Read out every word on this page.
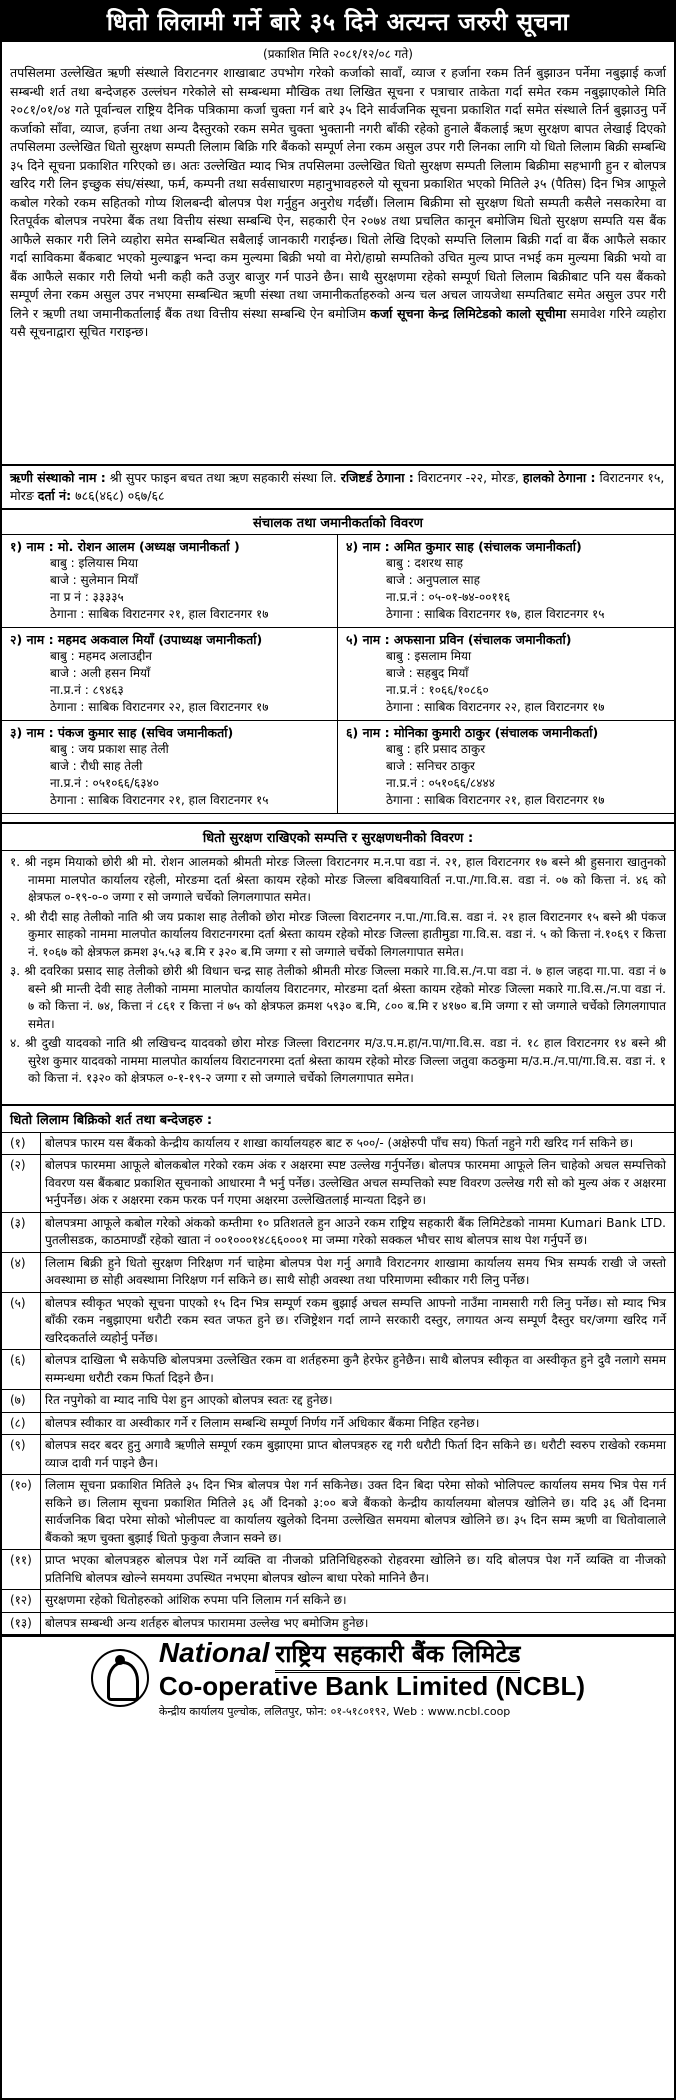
धितो लिलामी गर्ने बारे ३५ दिने अत्यन्त जरुरी सूचना
(प्रकाशित मिति २०८१/१२/०८ गते)
तपसिलमा उल्लेखित ऋणी संस्थाले विराटनगर शाखाबाट उपभोग गरेको कर्जाको सावाँ, व्याज र हर्जाना रकम तिर्न बुझाउन पर्नेमा नबुझाई कर्जा सम्बन्धी शर्त तथा बन्देजहरु उल्लंघन गरेकोले सो सम्बन्धमा मौखिक तथा लिखित सूचना र पत्राचार ताकेता गर्दा समेत रकम नबुझाएकोले मिति २०८१/०१/०४ गते पूर्वान्चल राष्ट्रिय दैनिक पत्रिकामा कर्जा चुक्ता गर्न बारे ३५ दिने सार्वजनिक सूचना प्रकाशित गर्दा समेत संस्थाले तिर्न बुझाउनु पर्ने कर्जाको साँवा, व्याज, हर्जना तथा अन्य दैस्तुरको रकम समेत चुक्ता भुक्तानी नगरी बाँकी रहेको हुनाले बैंकलाई ऋण सुरक्षण बापत लेखाई दिएको तपसिलमा उल्लेखित धितो सुरक्षण सम्पती लिलाम बिक्रि गरि बैंकको सम्पूर्ण लेना रकम असुल उपर गरी लिनका लागि यो धितो लिलाम बिक्री सम्बन्धि ३५ दिने सूचना प्रकाशित गरिएको छ। अतः उल्लेखित म्याद भित्र तपसिलमा उल्लेखित धितो सुरक्षण सम्पती लिलाम बिक्रीमा सहभागी हुन र बोलपत्र खरिद गरी लिन इच्छुक संघ/संस्था, फर्म, कम्पनी तथा सर्वसाधारण महानुभावहरुले यो सूचना प्रकाशित भएको मितिले ३५ (पैतिस) दिन भित्र आफूले कबोल गरेको रकम सहितको गोप्य शिलबन्दी बोलपत्र पेश गर्नुहुन अनुरोध गर्दछौं। लिलाम बिक्रीमा सो सुरक्षण धितो सम्पती कसैले नसकारेमा वा रितपूर्वक बोलपत्र नपरेमा बैंक तथा वित्तीय संस्था सम्बन्धि ऐन, सहकारी ऐन २०७४ तथा प्रचलित कानून बमोजिम धितो सुरक्षण सम्पति यस बैंक आफैले सकार गरी लिने व्यहोरा समेत सम्बन्धित सबैलाई जानकारी गराईन्छ। धितो लेखि दिएको सम्पत्ति लिलाम बिक्री गर्दा वा बैंक आफैले सकार गर्दा साविकमा बैंकबाट भएको मुल्याङ्कन भन्दा कम मुल्यमा बिक्री भयो वा मेरो/हाम्रो सम्पतिको उचित मुल्य प्राप्त नभई कम मुल्यमा बिक्री भयो वा बैंक आफैले सकार गरी लियो भनी कही कतै उजुर बाजुर गर्न पाउने छैन। साथै सुरक्षणमा रहेको सम्पूर्ण धितो लिलाम बिक्रीबाट पनि यस बैंकको सम्पूर्ण लेना रकम असुल उपर नभएमा सम्बन्धित ऋणी संस्था तथा जमानीकर्ताहरुको अन्य चल अचल जायजेथा सम्पतिबाट समेत असुल उपर गरी लिने र ऋणी तथा जमानीकर्तालाई बैंक तथा वित्तीय संस्था सम्बन्धि ऐन बमोजिम कर्जा सूचना केन्द्र लिमिटेडको कालो सूचीमा समावेश गरिने व्यहोरा यसै सूचनाद्वारा सूचित गराइन्छ।
ऋणी संस्थाको नाम : श्री सुपर फाइन बचत तथा ऋण सहकारी संस्था लि. रजिष्टर्ड ठेगाना : विराटनगर -२२, मोरङ, हालको ठेगाना : विराटनगर १५, मोरङ दर्ता नं: ७८६(४६८) ०६७/६८
संचालक तथा जमानीकर्ताको विवरण
१) नाम : मो. रोशन आलम (अध्यक्ष जमानीकर्ता )
बाबु : इलियास मिया
बाजे : सुलेमान मियाँ
ना प्र नं : ३३३३५
ठेगाना : साबिक विराटनगर २१, हाल विराटनगर १७
४) नाम : अमित कुमार साह (संचालक जमानीकर्ता)
बाबु : दशरथ साह
बाजे : अनुपलाल साह
ना.प्र.नं : ०५-०१-७४-००११६
ठेगाना : साबिक विराटनगर १७, हाल विराटनगर १५
२) नाम : महमद अकवाल मियाँ (उपाध्यक्ष जमानीकर्ता)
बाबु : महमद अलाउद्दीन
बाजे : अली हसन मियाँ
ना.प्र.नं : ८९४६३
ठेगाना : साबिक विराटनगर २२, हाल विराटनगर १७
५) नाम : अफसाना प्रविन (संचालक जमानीकर्ता)
बाबु : इसलाम मिया
बाजे : सहबुद मियाँ
ना.प्र.नं : १०६६/१०८६०
ठेगाना : साबिक विराटनगर २२, हाल विराटनगर १७
३) नाम : पंकज कुमार साह (सचिव जमानीकर्ता)
बाबु : जय प्रकाश साह तेली
बाजे : रौधी साह तेली
ना.प्र.नं : ०५१०६६/६३४०
ठेगाना : साबिक विराटनगर २१, हाल विराटनगर १५
६) नाम : मोनिका कुमारी ठाकुर (संचालक जमानीकर्ता)
बाबु : हरि प्रसाद ठाकुर
बाजे : सनिचर ठाकुर
ना.प्र.नं : ०५१०६६/८४४४
ठेगाना : साबिक विराटनगर २१, हाल विराटनगर १७
धितो सुरक्षण राखिएको सम्पत्ति र सुरक्षणधनीको विवरण :
१. श्री नइम मियाको छोरी श्री मो. रोशन आलमको श्रीमती मोरङ जिल्ला विराटनगर म.न.पा वडा नं. २१, हाल विराटनगर १७ बस्ने श्री हुसनारा खातुनको नाममा मालपोत कार्यालय रहेली, मोरङमा दर्ता श्रेस्ता कायम रहेको मोरङ जिल्ला बविबयाविर्ता न.पा./गा.वि.स. वडा नं. ०७ को कित्ता नं. ४६ को क्षेत्रफल ०-१९-०-० जग्गा र सो जग्गाले चर्चेको लिगलगापात समेत।
२. श्री रौदी साह तेलीको नाति श्री जय प्रकाश साह तेलीको छोरा मोरङ जिल्ला विराटनगर न.पा./गा.वि.स. वडा नं. २१ हाल विराटनगर १५ बस्ने श्री पंकज कुमार साहको नाममा मालपोत कार्यालय विराटनगरमा दर्ता श्रेस्ता कायम रहेको मोरङ जिल्ला हातीमुडा गा.वि.स. वडा नं. ५ को कित्ता नं.१०६९ र कित्ता नं. १०६७ को क्षेत्रफल क्रमश ३५.५३ ब.मि र ३२० ब.मि जग्गा र सो जग्गाले चर्चेको लिगलगापात समेत।
३. श्री दवरिका प्रसाद साह तेलीको छोरी श्री विधान चन्द्र साह तेलीको श्रीमती मोरङ जिल्ला मकारे गा.वि.स./न.पा वडा नं. ७ हाल जहदा गा.पा. वडा नं ७ बस्ने श्री मान्ती देवी साह तेलीको नाममा मालपोत कार्यालय विराटनगर, मोरङमा दर्ता श्रेस्ता कायम रहेको मोरङ जिल्ला मकारे गा.वि.स./न.पा वडा नं. ७ को कित्ता नं. ७४, कित्ता नं ८६१ र कित्ता नं ७५ को क्षेत्रफल क्रमश ५९३० ब.मि, ८०० ब.मि र ४१७० ब.मि जग्गा र सो जग्गाले चर्चेको लिगलगापात समेत।
४. श्री दुखी यादवको नाति श्री लखिचन्द यादवको छोरा मोरङ जिल्ला विराटनगर म/उ.प.म.हा/न.पा/गा.वि.स. वडा नं. १८ हाल विराटनगर १४ बस्ने श्री सुरेश कुमार यादवको नाममा मालपोत कार्यालय विराटनगरमा दर्ता श्रेस्ता कायम रहेको मोरङ जिल्ला जतुवा कठकुमा म/उ.म./न.पा/गा.वि.स. वडा नं. १ को कित्ता नं. १३२० को क्षेत्रफल ०-१-१९-२ जग्गा र सो जग्गाले चर्चेको लिगलगापात समेत।
धितो लिलाम बिक्रिको शर्त तथा बन्देजहरु :
(१)	बोलपत्र फारम यस बैंकको केन्द्रीय कार्यालय र शाखा कार्यालयहरु बाट रु ५००/- (अक्षेरुपी पाँच सय) फिर्ता नहुने गरी खरिद गर्न सकिने छ।
(२)	बोलपत्र फारममा आफूले बोलकबोल गरेको रकम अंक र अक्षरमा स्पष्ट उल्लेख गर्नुपर्नेछ। बोलपत्र फारममा आफूले लिन चाहेको अचल सम्पत्तिको विवरण यस बैंकबाट प्रकाशित सूचनाको आधारमा नै भर्नु पर्नेछ। उल्लेखित अचल सम्पत्तिको स्पष्ट विवरण उल्लेख गरी सो को मुल्य अंक र अक्षरमा भर्नुपर्नेछ। अंक र अक्षरमा रकम फरक पर्न गएमा अक्षरमा उल्लेखितलाई मान्यता दिइने छ।
(३)	बोलपत्रमा आफूले कबोल गरेको अंकको कम्तीमा १० प्रतिशतले हुन आउने रकम राष्ट्रिय सहकारी बैंक लिमिटेडको नाममा Kumari Bank LTD. पुतलीसडक, काठमाण्डौं रहेको खाता नं ००१०००१४८६६०००१ मा जम्मा गरेको सक्कल भौचर साथ बोलपत्र साथ पेश गर्नुपर्ने छ।
(४)	लिलाम बिक्री हुने धितो सुरक्षण निरिक्षण गर्न चाहेमा बोलपत्र पेश गर्नु अगावै विराटनगर शाखामा कार्यालय समय भित्र सम्पर्क राखी जे जस्तो अवस्थामा छ सोही अवस्थामा निरिक्षण गर्न सकिने छ। साथै सोही अवस्था तथा परिमाणमा स्वीकार गरी लिनु पर्नेछ।
(५)	बोलपत्र स्वीकृत भएको सूचना पाएको १५ दिन भित्र सम्पूर्ण रकम बुझाई अचल सम्पत्ति आफ्नो नाउँमा नामसारी गरी लिनु पर्नेछ। सो म्याद भित्र बाँकी रकम नबुझाएमा धरौटी रकम स्वत जफत हुने छ। रजिष्ट्रेशन गर्दा लाग्ने सरकारी दस्तुर, लगायत अन्य सम्पूर्ण दैस्तुर घर/जग्गा खरिद गर्ने खरिदकर्ताले व्यहोर्नु पर्नेछ।
(६)	बोलपत्र दाखिला भै सकेपछि बोलपत्रमा उल्लेखित रकम वा शर्तहरुमा कुनै हेरफेर हुनेछैन। साथै बोलपत्र स्वीकृत वा अस्वीकृत हुने दुवै नलागे समम सम्मन्धमा धरौटी रकम फिर्ता दिइने छैन।
(७)	रित नपुगेको वा म्याद नाघि पेश हुन आएको बोलपत्र स्वतः रद्द हुनेछ।
(८)	बोलपत्र स्वीकार वा अस्वीकार गर्ने र लिलाम सम्बन्धि सम्पूर्ण निर्णय गर्ने अधिकार बैंकमा निहित रहनेछ।
(९)	बोलपत्र सदर बदर हुनु अगावै ऋणीले सम्पूर्ण रकम बुझाएमा प्राप्त बोलपत्रहरु रद्द गरी धरौटी फिर्ता दिन सकिने छ। धरौटी स्वरुप राखेको रकममा व्याज दावी गर्न पाइने छैन।
(१०)	लिलाम सूचना प्रकाशित मितिले ३५ दिन भित्र बोलपत्र पेश गर्न सकिनेछ। उक्त दिन बिदा परेमा सोको भोलिपल्ट कार्यालय समय भित्र पेस गर्न सकिने छ। लिलाम सूचना प्रकाशित मितिले ३६ औं दिनको ३:०० बजे बैंकको केन्द्रीय कार्यालयमा बोलपत्र खोलिने छ। यदि ३६ औं दिनमा सार्वजनिक बिदा परेमा सोको भोलीपल्ट वा कार्यालय खुलेको दिनमा उल्लेखित समयमा बोलपत्र खोलिने छ। ३५ दिन सम्म ऋणी वा धितोवालाले बैंकको ऋण चुक्ता बुझाई धितो फुकुवा लैजान सक्ने छ।
(११)	प्राप्त भएका बोलपत्रहरु बोलपत्र पेश गर्ने व्यक्ति वा नीजको प्रतिनिधिहरुको रोहवरमा खोलिने छ। यदि बोलपत्र पेश गर्ने व्यक्ति वा नीजको प्रतिनिधि बोलपत्र खोल्ने समयमा उपस्थित नभएमा बोलपत्र खोल्न बाधा परेको मानिने छैन।
(१२)	सुरक्षणमा रहेको धितोहरुको आंशिक रुपमा पनि लिलाम गर्न सकिने छ।
(१३)	बोलपत्र सम्बन्धी अन्य शर्तहरु बोलपत्र फाराममा उल्लेख भए बमोजिम हुनेछ।
National राष्ट्रिय सहकारी बैंक लिमिटेड
Co-operative Bank Limited (NCBL)
केन्द्रीय कार्यालय पुल्चोक, ललितपुर, फोन: ०१-५१८०१९२, Web : www.ncbl.coop
